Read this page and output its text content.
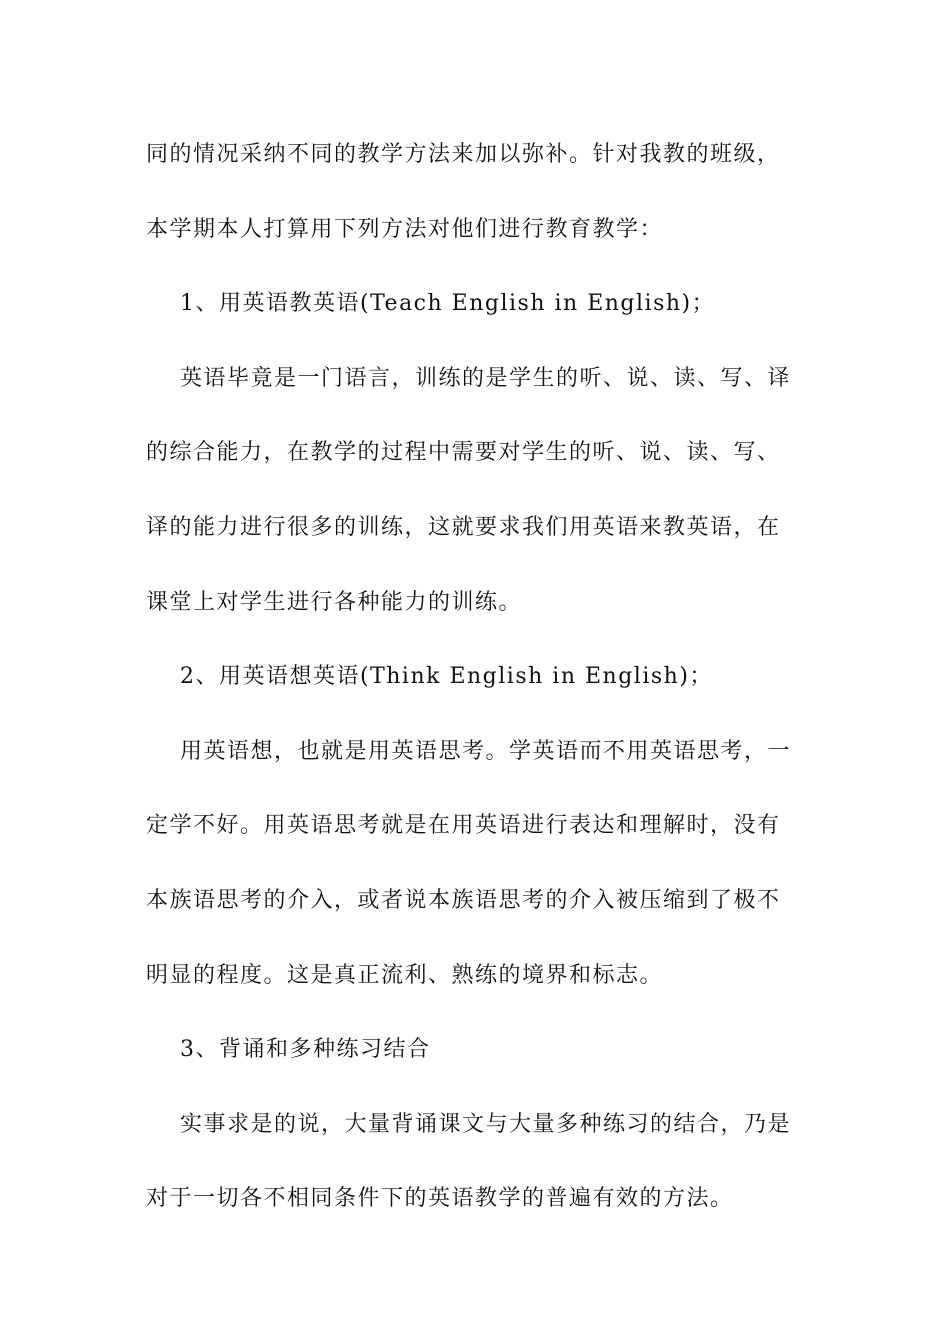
同的情况采纳不同的教学方法来加以弥补。针对我教的班级，
本学期本人打算用下列方法对他们进行教育教学：
1、用英语教英语(Teach English in English)；
英语毕竟是一门语言，训练的是学生的听、说、读、写、译
的综合能力，在教学的过程中需要对学生的听、说、读、写、
译的能力进行很多的训练，这就要求我们用英语来教英语，在
课堂上对学生进行各种能力的训练。
2、用英语想英语(Think English in English)；
用英语想，也就是用英语思考。学英语而不用英语思考，一
定学不好。用英语思考就是在用英语进行表达和理解时，没有
本族语思考的介入，或者说本族语思考的介入被压缩到了极不
明显的程度。这是真正流利、熟练的境界和标志。
3、背诵和多种练习结合
实事求是的说，大量背诵课文与大量多种练习的结合，乃是
对于一切各不相同条件下的英语教学的普遍有效的方法。
